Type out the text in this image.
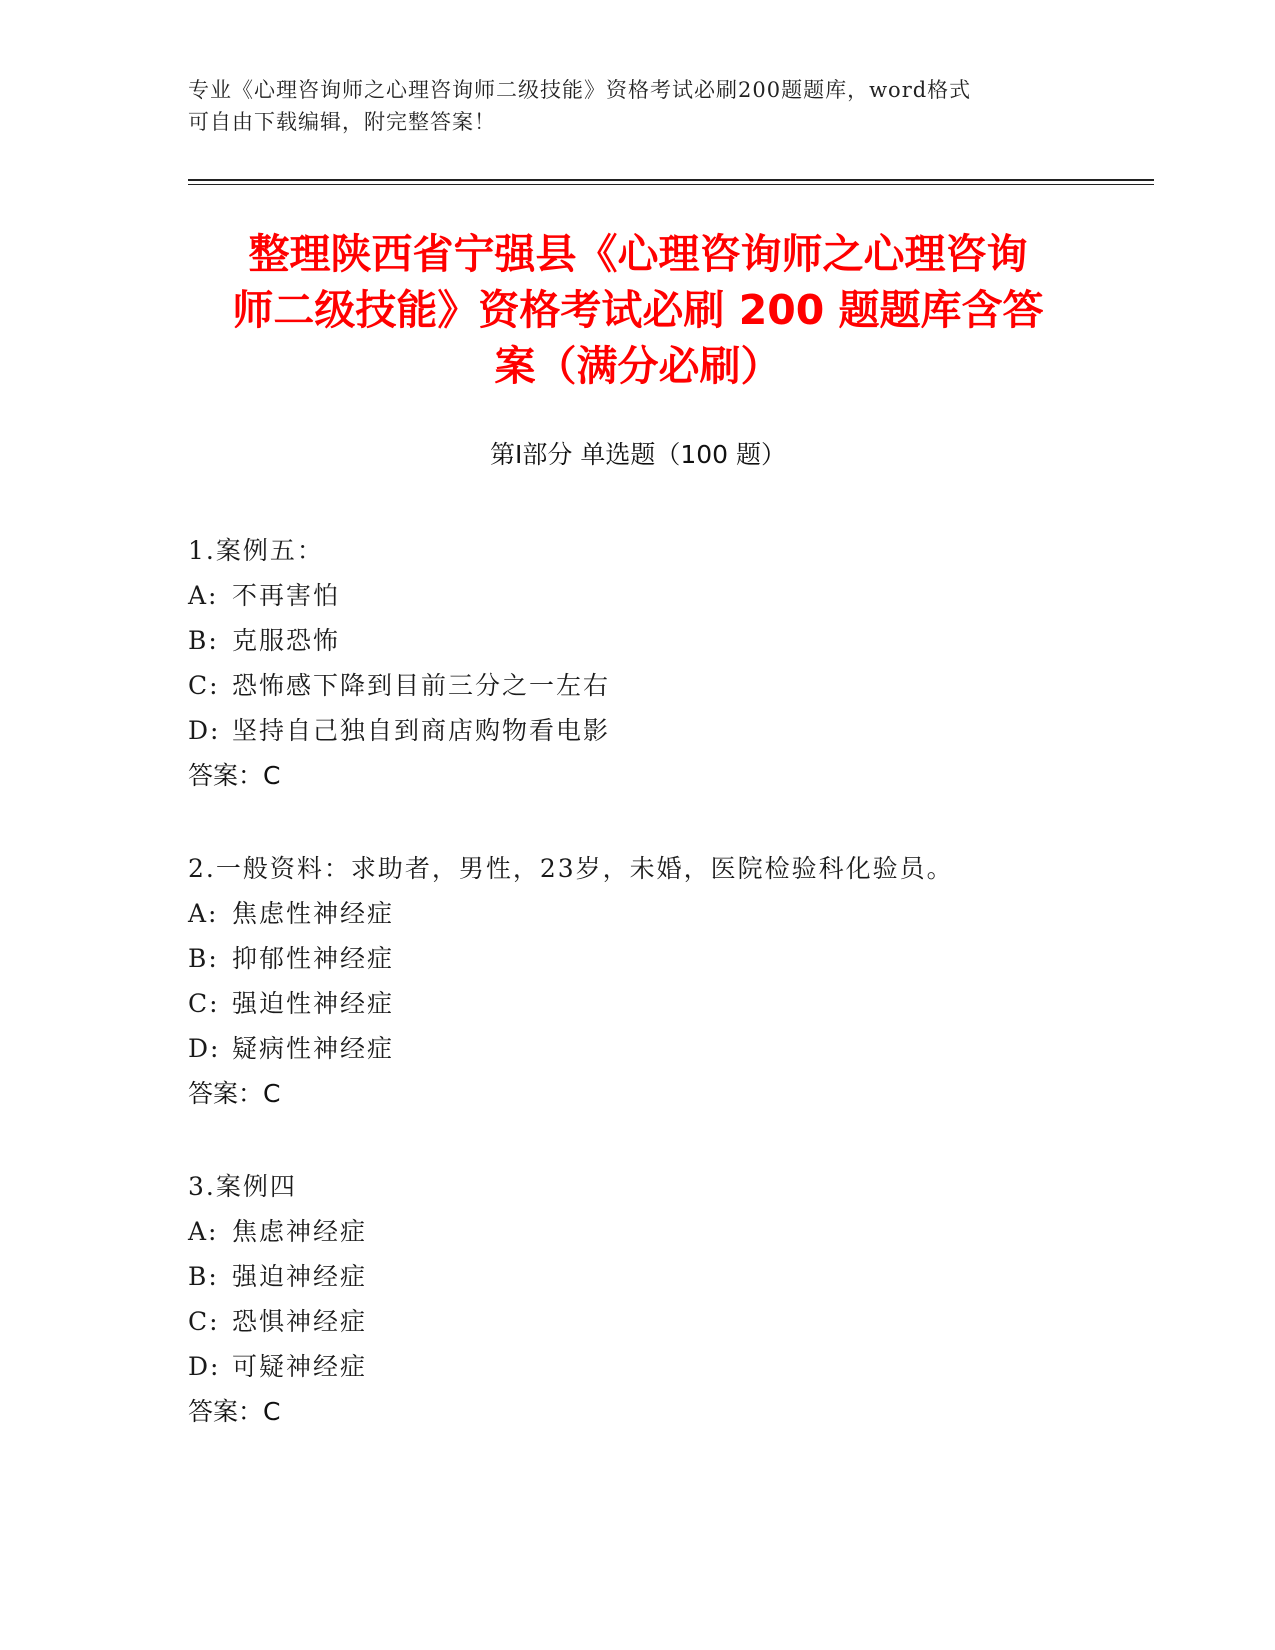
专业《心理咨询师之心理咨询师二级技能》资格考试必刷200题题库，word格式
可自由下载编辑，附完整答案！
整理陕西省宁强县《心理咨询师之心理咨询
师二级技能》资格考试必刷 200 题题库含答
案（满分必刷）
第Ⅰ部分 单选题（100 题）
1.案例五：
A: 不再害怕
B: 克服恐怖
C: 恐怖感下降到目前三分之一左右
D: 坚持自己独自到商店购物看电影
答案：C
2.一般资料：求助者，男性，23岁，未婚，医院检验科化验员。
A: 焦虑性神经症
B: 抑郁性神经症
C: 强迫性神经症
D: 疑病性神经症
答案：C
3.案例四
A: 焦虑神经症
B: 强迫神经症
C: 恐惧神经症
D: 可疑神经症
答案：C
